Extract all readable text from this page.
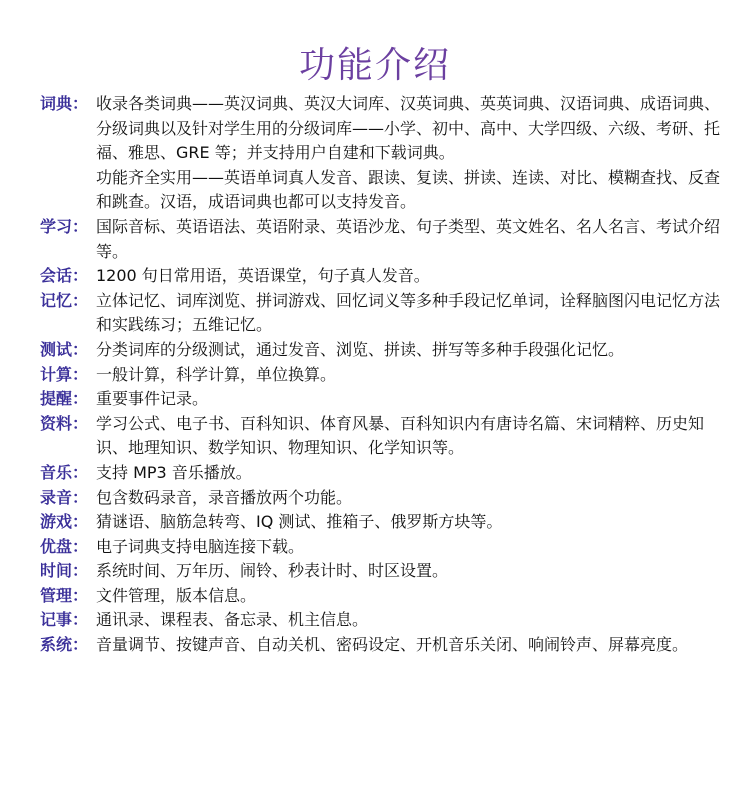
功能介绍
词典： 收录各类词典——英汉词典、英汉大词库、汉英词典、英英词典、汉语词典、成语词典、分级词典以及针对学生用的分级词库——小学、初中、高中、大学四级、六级、考研、托福、雅思、GRE 等；并支持用户自建和下载词典。

功能齐全实用——英语单词真人发音、跟读、复读、拼读、连读、对比、模糊查找、反查和跳查。汉语，成语词典也都可以支持发音。

学习： 国际音标、英语语法、英语附录、英语沙龙、句子类型、英文姓名、名人名言、考试介绍等。

会话： 1200 句日常用语，英语课堂，句子真人发音。

记忆： 立体记忆、词库浏览、拼词游戏、回忆词义等多种手段记忆单词，诠释脑图闪电记忆方法和实践练习；五维记忆。

测试： 分类词库的分级测试，通过发音、浏览、拼读、拼写等多种手段强化记忆。

计算： 一般计算，科学计算，单位换算。

提醒： 重要事件记录。

资料： 学习公式、电子书、百科知识、体育风暴、百科知识内有唐诗名篇、宋词精粹、历史知识、地理知识、数学知识、物理知识、化学知识等。

音乐： 支持 MP3 音乐播放。

录音： 包含数码录音，录音播放两个功能。

游戏： 猜谜语、脑筋急转弯、IQ 测试、推箱子、俄罗斯方块等。

优盘： 电子词典支持电脑连接下载。

时间： 系统时间、万年历、闹铃、秒表计时、时区设置。

管理： 文件管理，版本信息。

记事： 通讯录、课程表、备忘录、机主信息。

系统： 音量调节、按键声音、自动关机、密码设定、开机音乐关闭、响闹铃声、屏幕亮度。
